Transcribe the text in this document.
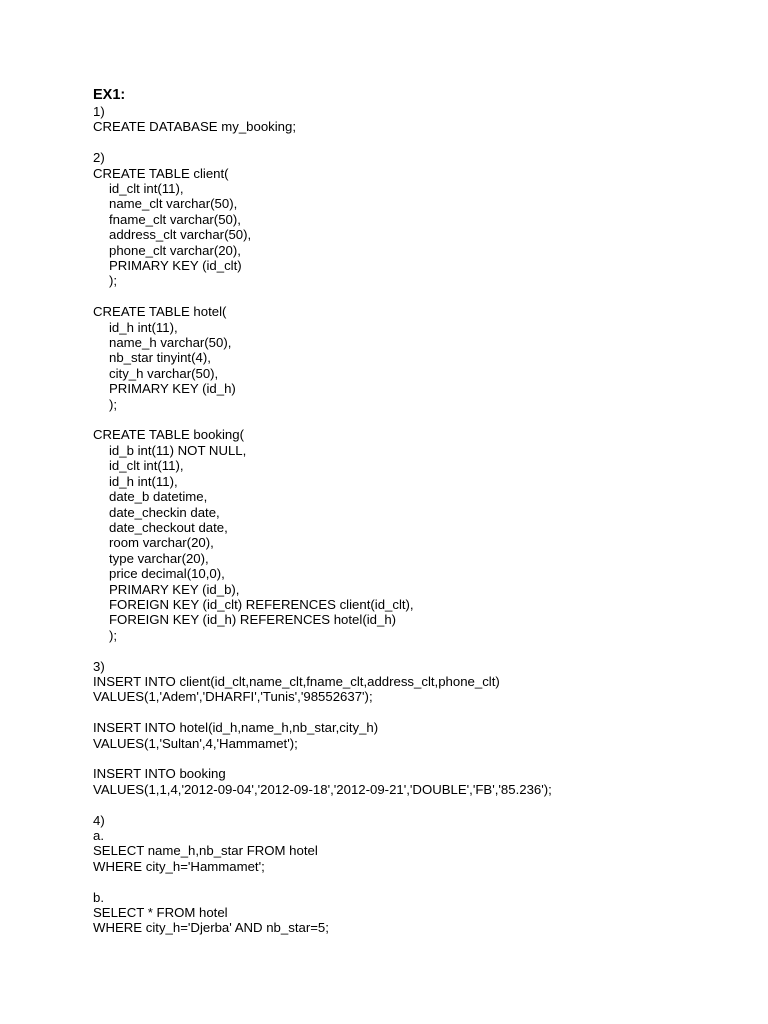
EX1:
1)
CREATE DATABASE my_booking;
2)
CREATE TABLE client(
id_clt int(11),
name_clt varchar(50),
fname_clt varchar(50),
address_clt varchar(50),
phone_clt varchar(20),
PRIMARY KEY (id_clt)
);
CREATE TABLE hotel(
id_h int(11),
name_h varchar(50),
nb_star tinyint(4),
city_h varchar(50),
PRIMARY KEY (id_h)
);
CREATE TABLE booking(
id_b int(11) NOT NULL,
id_clt int(11),
id_h int(11),
date_b datetime,
date_checkin date,
date_checkout date,
room varchar(20),
type varchar(20),
price decimal(10,0),
PRIMARY KEY (id_b),
FOREIGN KEY (id_clt) REFERENCES client(id_clt),
FOREIGN KEY (id_h) REFERENCES hotel(id_h)
);
3)
INSERT INTO client(id_clt,name_clt,fname_clt,address_clt,phone_clt)
VALUES(1,'Adem','DHARFI','Tunis','98552637');
INSERT INTO hotel(id_h,name_h,nb_star,city_h)
VALUES(1,'Sultan',4,'Hammamet');
INSERT INTO booking
VALUES(1,1,4,'2012-09-04','2012-09-18','2012-09-21','DOUBLE','FB','85.236');
4)
a.
SELECT name_h,nb_star FROM hotel
WHERE city_h='Hammamet';
b.
SELECT * FROM hotel
WHERE city_h='Djerba' AND nb_star=5;
